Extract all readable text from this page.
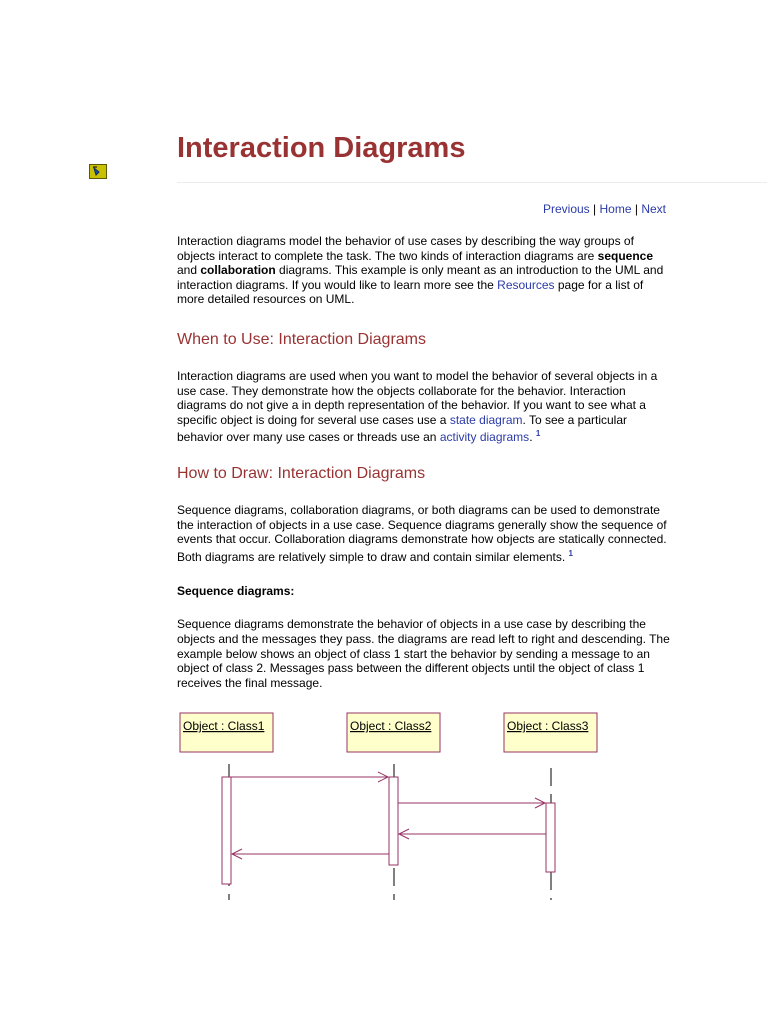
Interaction Diagrams
Previous | Home | Next

Interaction diagrams model the behavior of use cases by describing the way groups of objects interact to complete the task. The two kinds of interaction diagrams are sequence and collaboration diagrams. This example is only meant as an introduction to the UML and interaction diagrams. If you would like to learn more see the Resources page for a list of more detailed resources on UML.

When to Use: Interaction Diagrams

Interaction diagrams are used when you want to model the behavior of several objects in a use case. They demonstrate how the objects collaborate for the behavior. Interaction diagrams do not give a in depth representation of the behavior. If you want to see what a specific object is doing for several use cases use a state diagram. To see a particular behavior over many use cases or threads use an activity diagrams. $^1$

How to Draw: Interaction Diagrams

Sequence diagrams, collaboration diagrams, or both diagrams can be used to demonstrate the interaction of objects in a use case. Sequence diagrams generally show the sequence of events that occur. Collaboration diagrams demonstrate how objects are statically connected. Both diagrams are relatively simple to draw and contain similar elements. $^1$

Sequence diagrams:

Sequence diagrams demonstrate the behavior of objects in a use case by describing the objects and the messages they pass. the diagrams are read left to right and descending. The example below shows an object of class 1 start the behavior by sending a message to an object of class 2. Messages pass between the different objects until the object of class 1 receives the final message.

Object : Class1	Object : Class2	Object : Class3
